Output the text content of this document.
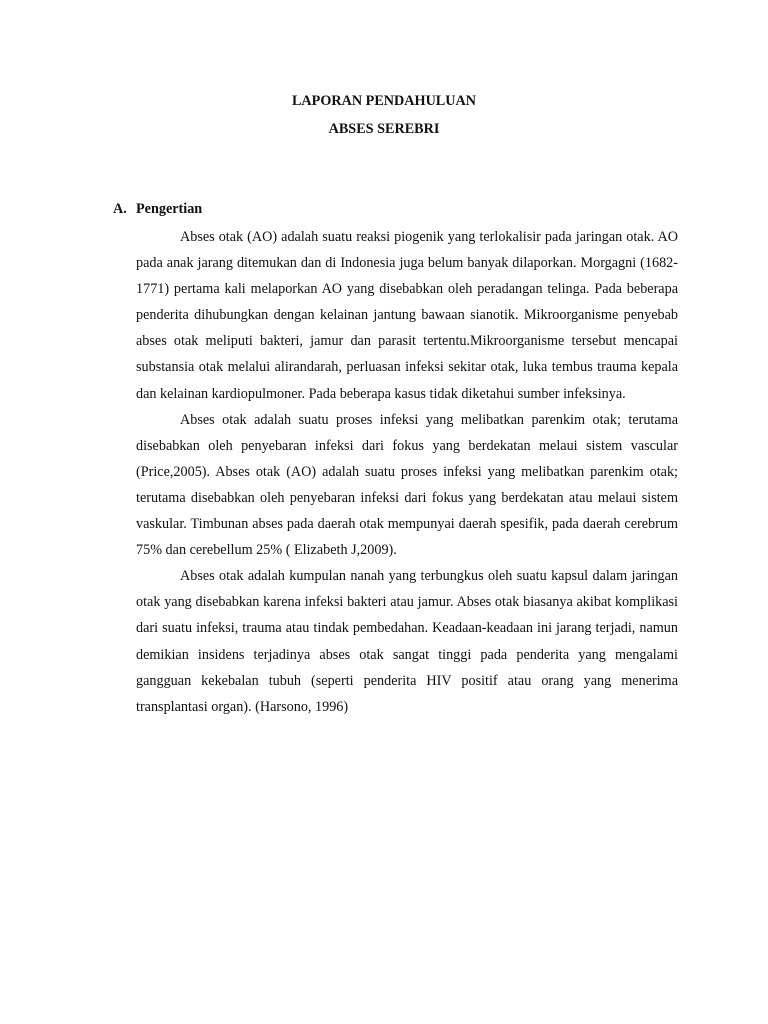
LAPORAN PENDAHULUAN
ABSES SEREBRI
A. Pengertian

Abses otak (AO) adalah suatu reaksi piogenik yang terlokalisir pada jaringan otak. AO pada anak jarang ditemukan dan di Indonesia juga belum banyak dilaporkan. Morgagni (1682-1771) pertama kali melaporkan AO yang disebabkan oleh peradangan telinga. Pada beberapa penderita dihubungkan dengan kelainan jantung bawaan sianotik. Mikroorganisme penyebab abses otak meliputi bakteri, jamur dan parasit tertentu.Mikroorganisme tersebut mencapai substansia otak melalui alirandarah, perluasan infeksi sekitar otak, luka tembus trauma kepala dan kelainan kardiopulmoner. Pada beberapa kasus tidak diketahui sumber infeksinya.

Abses otak adalah suatu proses infeksi yang melibatkan parenkim otak; terutama disebabkan oleh penyebaran infeksi dari fokus yang berdekatan melaui sistem vascular (Price,2005). Abses otak (AO) adalah suatu proses infeksi yang melibatkan parenkim otak; terutama disebabkan oleh penyebaran infeksi dari fokus yang berdekatan atau melaui sistem vaskular. Timbunan abses pada daerah otak mempunyai daerah spesifik, pada daerah cerebrum 75% dan cerebellum 25% ( Elizabeth J,2009).

Abses otak adalah kumpulan nanah yang terbungkus oleh suatu kapsul dalam jaringan otak yang disebabkan karena infeksi bakteri atau jamur. Abses otak biasanya akibat komplikasi dari suatu infeksi, trauma atau tindak pembedahan. Keadaan-keadaan ini jarang terjadi, namun demikian insidens terjadinya abses otak sangat tinggi pada penderita yang mengalami gangguan kekebalan tubuh (seperti penderita HIV positif atau orang yang menerima transplantasi organ). (Harsono, 1996)
